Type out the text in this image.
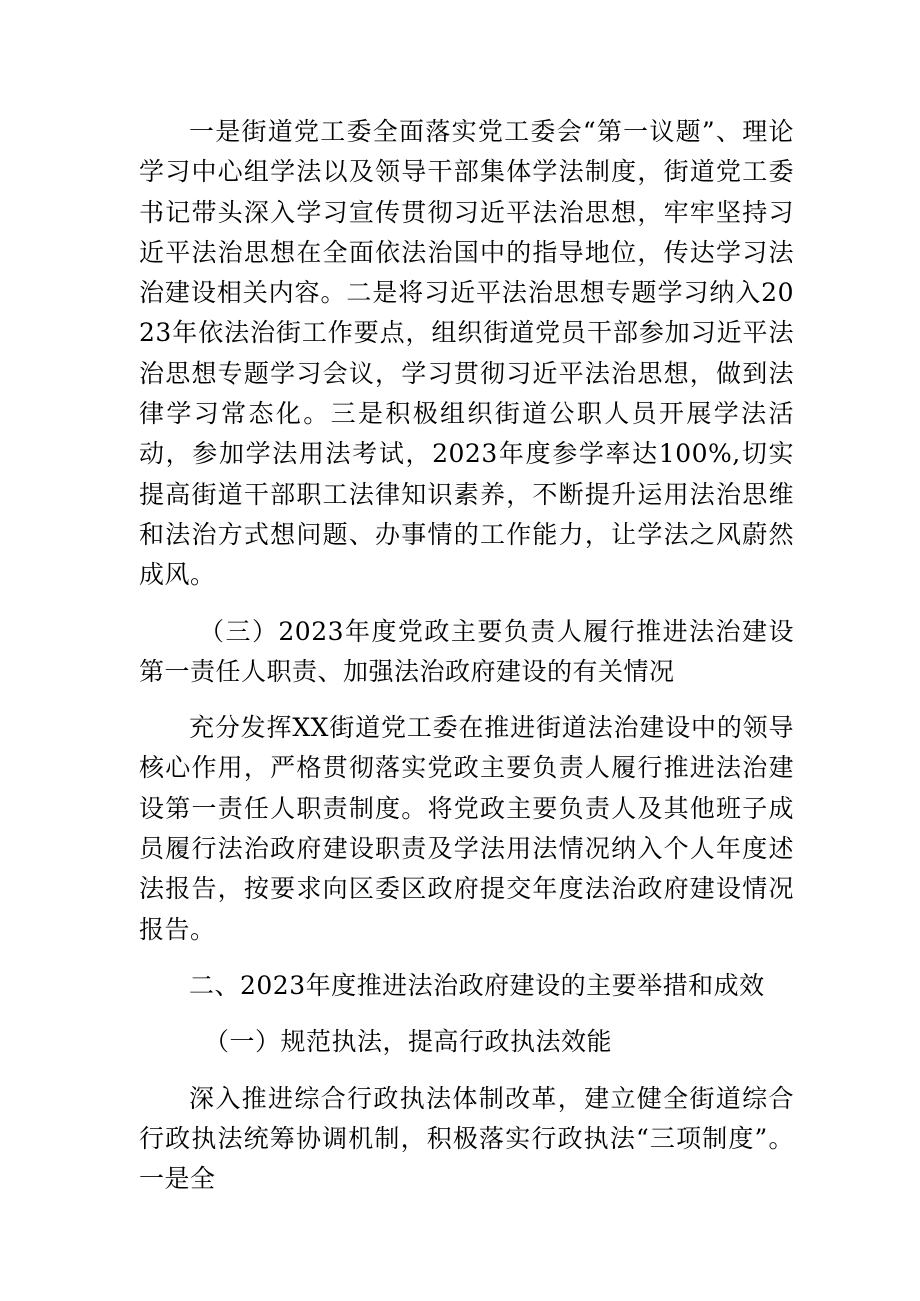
一是街道党工委全面落实党工委会“第一议题”、理论学习中心组学法以及领导干部集体学法制度，街道党工委书记带头深入学习宣传贯彻习近平法治思想，牢牢坚持习近平法治思想在全面依法治国中的指导地位，传达学习法治建设相关内容。二是将习近平法治思想专题学习纳入2023年依法治街工作要点，组织街道党员干部参加习近平法治思想专题学习会议，学习贯彻习近平法治思想，做到法律学习常态化。三是积极组织街道公职人员开展学法活动，参加学法用法考试，2023年度参学率达100%,切实提高街道干部职工法律知识素养，不断提升运用法治思维和法治方式想问题、办事情的工作能力，让学法之风蔚然成风。

（三）2023年度党政主要负责人履行推进法治建设第一责任人职责、加强法治政府建设的有关情况

充分发挥XX街道党工委在推进街道法治建设中的领导核心作用，严格贯彻落实党政主要负责人履行推进法治建设第一责任人职责制度。将党政主要负责人及其他班子成员履行法治政府建设职责及学法用法情况纳入个人年度述法报告，按要求向区委区政府提交年度法治政府建设情况报告。

二、2023年度推进法治政府建设的主要举措和成效

（一）规范执法，提高行政执法效能

深入推进综合行政执法体制改革，建立健全街道综合行政执法统筹协调机制，积极落实行政执法“三项制度”。一是全
